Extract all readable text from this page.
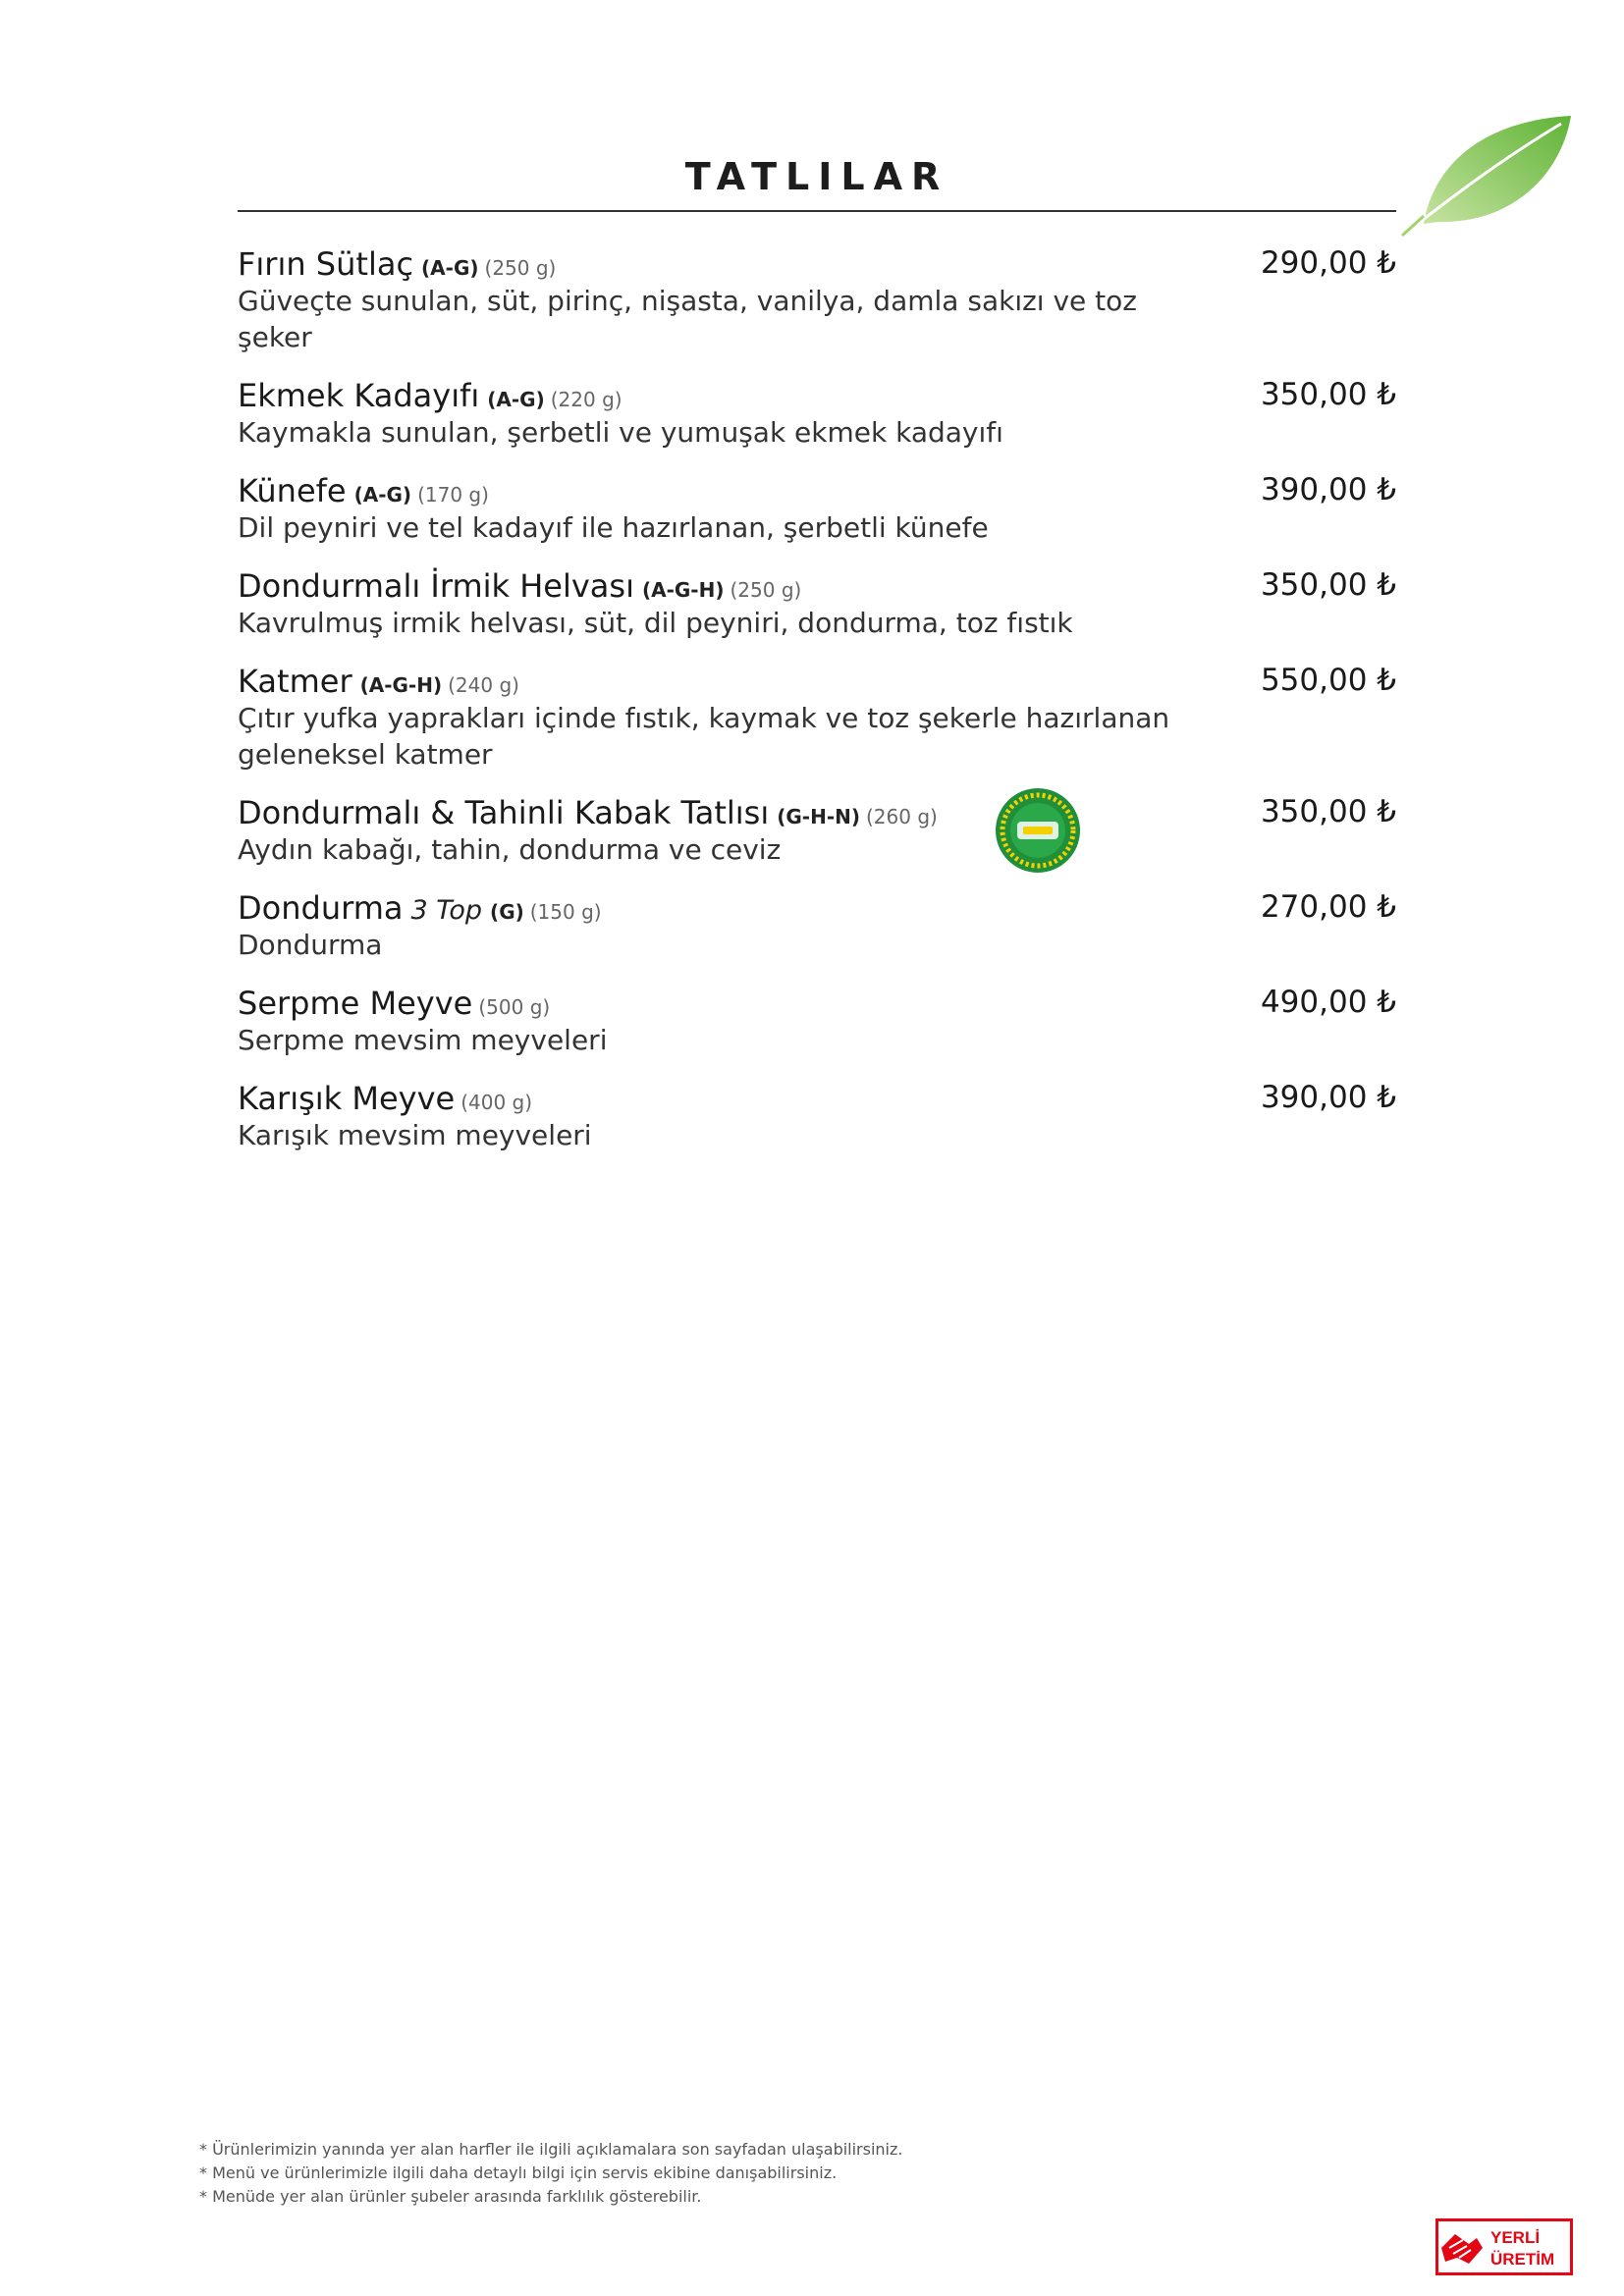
TATLILAR
Fırın Sütlaç (A-G) (250 g)	290,00 ₺
Güveçte sunulan, süt, pirinç, nişasta, vanilya, damla sakızı ve toz şeker
Ekmek Kadayıfı (A-G) (220 g)	350,00 ₺
Kaymakla sunulan, şerbetli ve yumuşak ekmek kadayıfı
Künefe (A-G) (170 g)	390,00 ₺
Dil peyniri ve tel kadayıf ile hazırlanan, şerbetli künefe
Dondurmalı İrmik Helvası (A-G-H) (250 g)	350,00 ₺
Kavrulmuş irmik helvası, süt, dil peyniri, dondurma, toz fıstık
Katmer (A-G-H) (240 g)	550,00 ₺
Çıtır yufka yaprakları içinde fıstık, kaymak ve toz şekerle hazırlanan geleneksel katmer
Dondurmalı & Tahinli Kabak Tatlısı (G-H-N) (260 g)	350,00 ₺
Aydın kabağı, tahin, dondurma ve ceviz
Dondurma 3 Top (G) (150 g)	270,00 ₺
Dondurma
Serpme Meyve (500 g)	490,00 ₺
Serpme mevsim meyveleri
Karışık Meyve (400 g)	390,00 ₺
Karışık mevsim meyveleri
* Ürünlerimizin yanında yer alan harfler ile ilgili açıklamalara son sayfadan ulaşabilirsiniz.
* Menü ve ürünlerimizle ilgili daha detaylı bilgi için servis ekibine danışabilirsiniz.
* Menüde yer alan ürünler şubeler arasında farklılık gösterebilir.
YERLİ
ÜRETİM
